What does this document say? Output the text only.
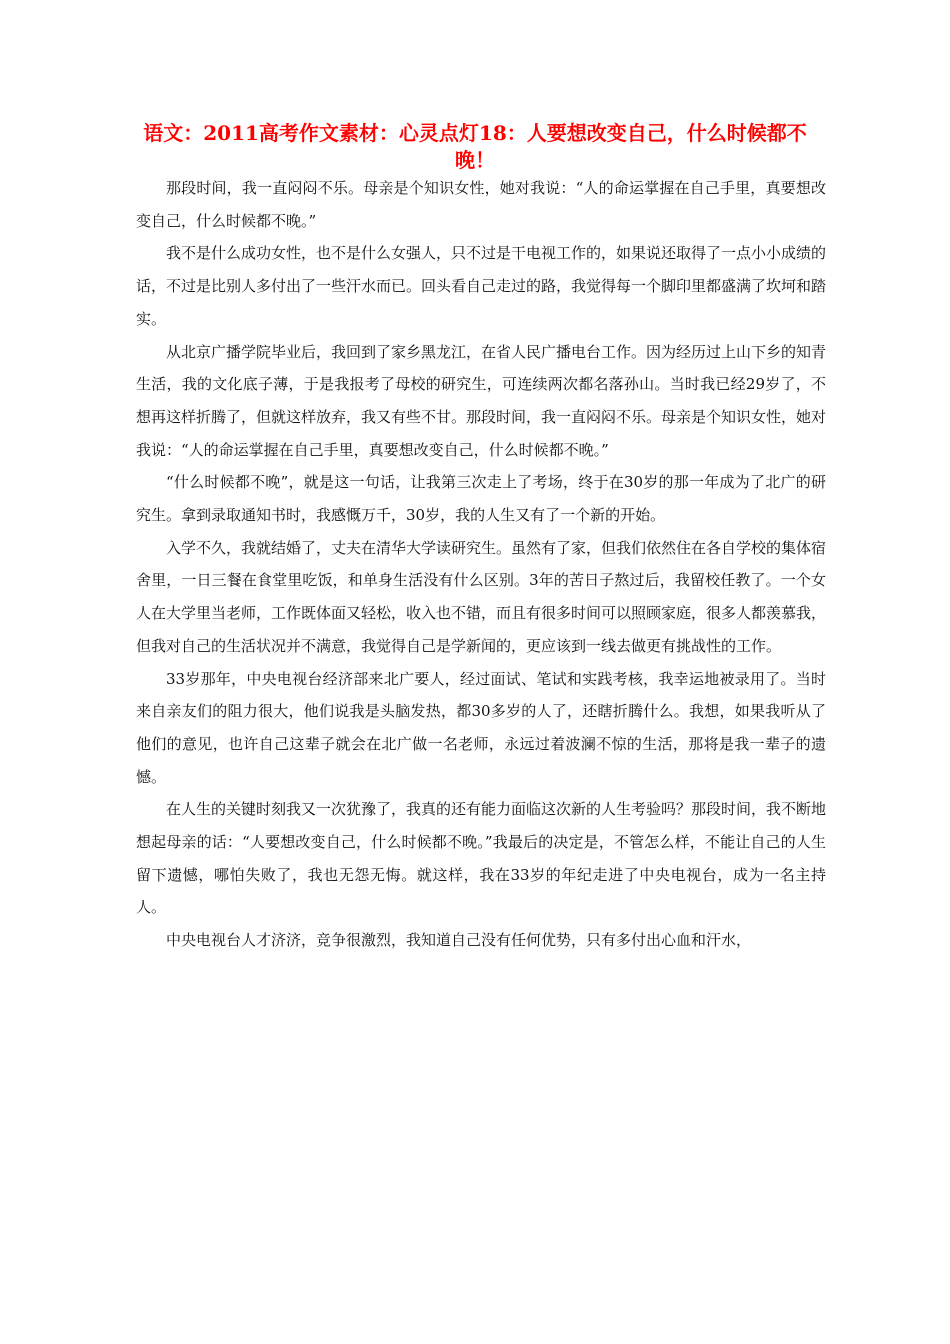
语文：2011高考作文素材：心灵点灯18：人要想改变自己，什么时候都不晚！

那段时间，我一直闷闷不乐。母亲是个知识女性，她对我说：“人的命运掌握在自己手里，真要想改变自己，什么时候都不晚。”

我不是什么成功女性，也不是什么女强人，只不过是干电视工作的，如果说还取得了一点小小成绩的话，不过是比别人多付出了一些汗水而已。回头看自己走过的路，我觉得每一个脚印里都盛满了坎坷和踏实。

从北京广播学院毕业后，我回到了家乡黑龙江，在省人民广播电台工作。因为经历过上山下乡的知青生活，我的文化底子薄，于是我报考了母校的研究生，可连续两次都名落孙山。当时我已经29岁了，不想再这样折腾了，但就这样放弃，我又有些不甘。那段时间，我一直闷闷不乐。母亲是个知识女性，她对我说：“人的命运掌握在自己手里，真要想改变自己，什么时候都不晚。”

“什么时候都不晚”，就是这一句话，让我第三次走上了考场，终于在30岁的那一年成为了北广的研究生。拿到录取通知书时，我感慨万千，30岁，我的人生又有了一个新的开始。

入学不久，我就结婚了，丈夫在清华大学读研究生。虽然有了家，但我们依然住在各自学校的集体宿舍里，一日三餐在食堂里吃饭，和单身生活没有什么区别。3年的苦日子熬过后，我留校任教了。一个女人在大学里当老师，工作既体面又轻松，收入也不错，而且有很多时间可以照顾家庭，很多人都羡慕我，但我对自己的生活状况并不满意，我觉得自己是学新闻的，更应该到一线去做更有挑战性的工作。

33岁那年，中央电视台经济部来北广要人，经过面试、笔试和实践考核，我幸运地被录用了。当时来自亲友们的阻力很大，他们说我是头脑发热，都30多岁的人了，还瞎折腾什么。我想，如果我听从了他们的意见，也许自己这辈子就会在北广做一名老师，永远过着波澜不惊的生活，那将是我一辈子的遗憾。

在人生的关键时刻我又一次犹豫了，我真的还有能力面临这次新的人生考验吗？那段时间，我不断地想起母亲的话：“人要想改变自己，什么时候都不晚。”我最后的决定是，不管怎么样，不能让自己的人生留下遗憾，哪怕失败了，我也无怨无悔。就这样，我在33岁的年纪走进了中央电视台，成为一名主持人。

中央电视台人才济济，竞争很激烈，我知道自己没有任何优势，只有多付出心血和汗水，
